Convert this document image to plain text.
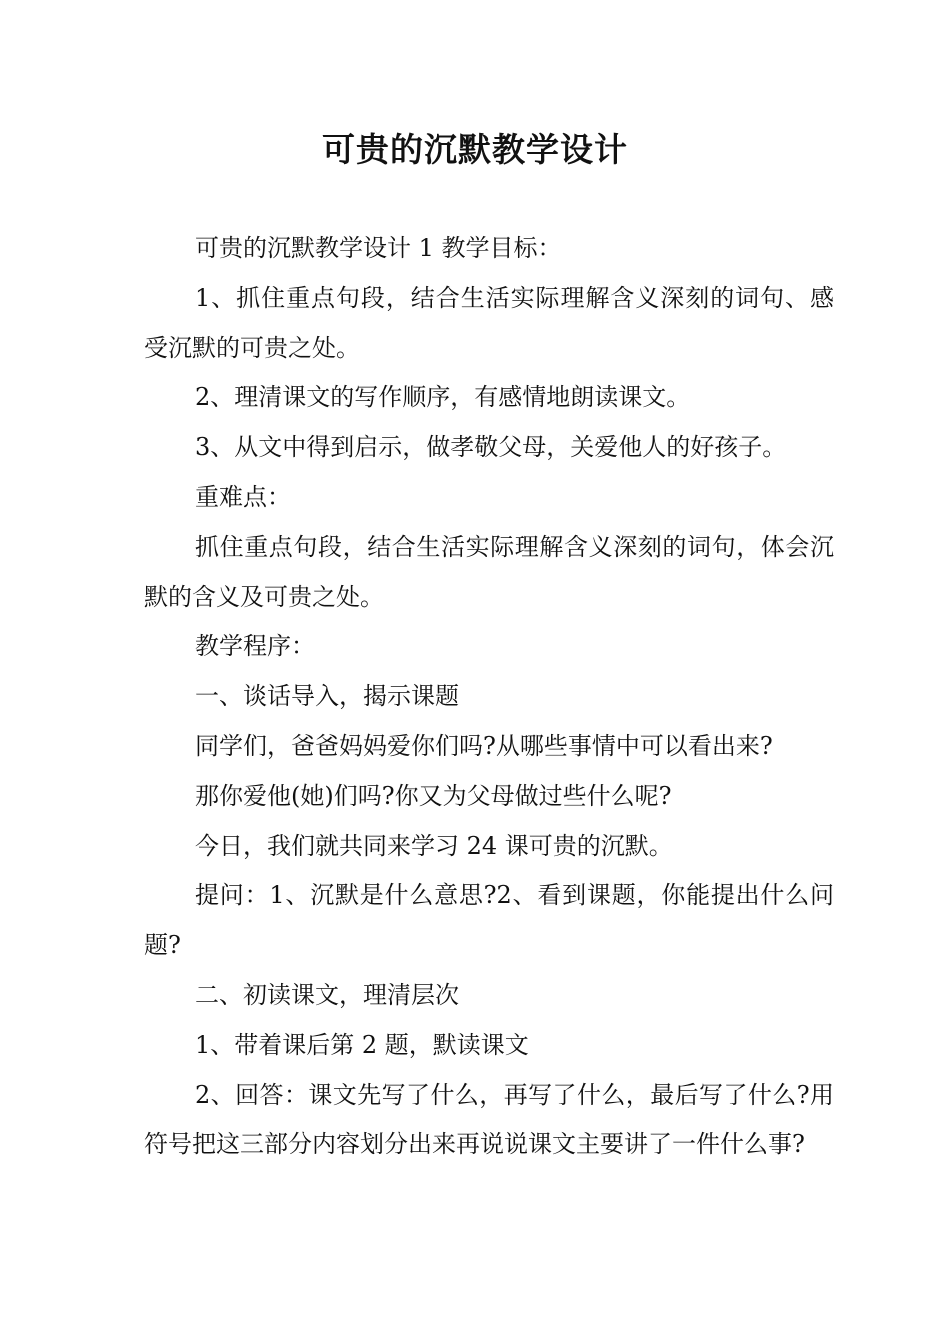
可贵的沉默教学设计

可贵的沉默教学设计 1 教学目标：

1、抓住重点句段，结合生活实际理解含义深刻的词句、感受沉默的可贵之处。

2、理清课文的写作顺序，有感情地朗读课文。

3、从文中得到启示，做孝敬父母，关爱他人的好孩子。

重难点：

抓住重点句段，结合生活实际理解含义深刻的词句，体会沉默的含义及可贵之处。

教学程序：

一、谈话导入，揭示课题

同学们，爸爸妈妈爱你们吗?从哪些事情中可以看出来?

那你爱他(她)们吗?你又为父母做过些什么呢?

今日，我们就共同来学习 24 课可贵的沉默。

提问：1、沉默是什么意思?2、看到课题，你能提出什么问题?

二、初读课文，理清层次

1、带着课后第 2 题，默读课文

2、回答：课文先写了什么，再写了什么，最后写了什么?用符号把这三部分内容划分出来再说说课文主要讲了一件什么事?
